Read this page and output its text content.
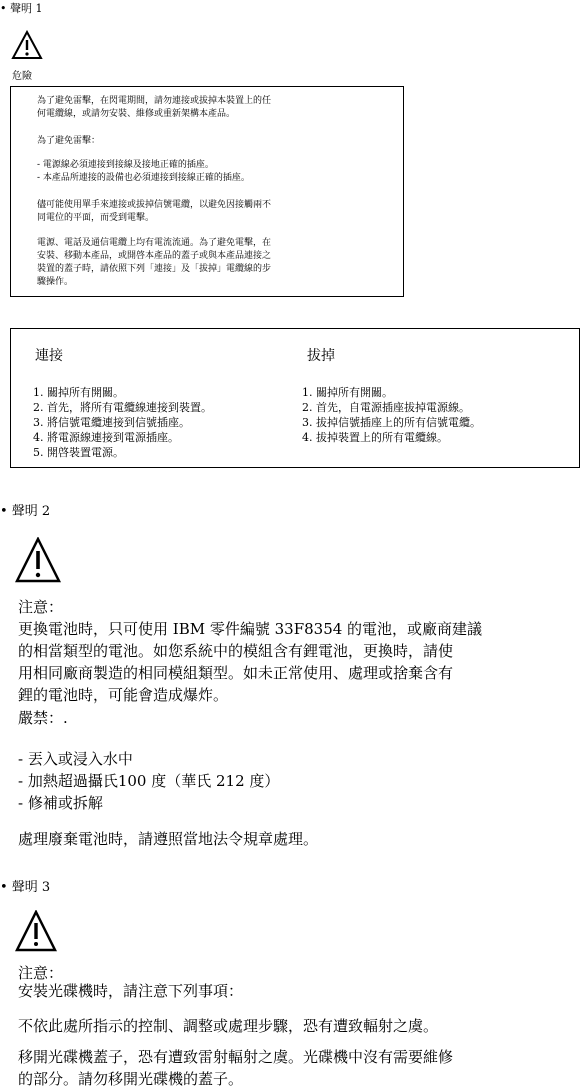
• 聲明 1
危險
為了避免雷擊，在閃電期間，請勿連接或拔掉本裝置上的任
何電纜線，或請勿安裝、維修或重新架構本產品。
為了避免雷擊：
- 電源線必須連接到接線及接地正確的插座。
- 本產品所連接的設備也必須連接到接線正確的插座。
儘可能使用單手來連接或拔掉信號電纜，以避免因接觸兩不
同電位的平面，而受到電擊。
電源、電話及通信電纜上均有電流流通。為了避免電擊，在
安裝、移動本產品，或開啓本產品的蓋子或與本產品連接之
裝置的蓋子時，請依照下列「連接」及「拔掉」電纜線的步
驟操作。
連接	拔掉
1. 關掉所有開關。
2. 首先，將所有電纜線連接到裝置。
3. 將信號電纜連接到信號插座。
4. 將電源線連接到電源插座。
5. 開啓裝置電源。
1. 關掉所有開關。
2. 首先，自電源插座拔掉電源線。
3. 拔掉信號插座上的所有信號電纜。
4. 拔掉裝置上的所有電纜線。
• 聲明 2
注意：
更換電池時，只可使用 IBM 零件編號 33F8354 的電池，或廠商建議
的相當類型的電池。如您系統中的模組含有鋰電池，更換時，請使
用相同廠商製造的相同模組類型。如未正常使用、處理或捨棄含有
鋰的電池時，可能會造成爆炸。
嚴禁：.
- 丟入或浸入水中
- 加熱超過攝氏100 度（華氏 212 度）
- 修補或拆解
處理廢棄電池時，請遵照當地法令規章處理。
• 聲明 3
注意：
安裝光碟機時，請注意下列事項：
不依此處所指示的控制、調整或處理步驟，恐有遭致輻射之虞。
移開光碟機蓋子，恐有遭致雷射輻射之虞。光碟機中沒有需要維修
的部分。請勿移開光碟機的蓋子。
